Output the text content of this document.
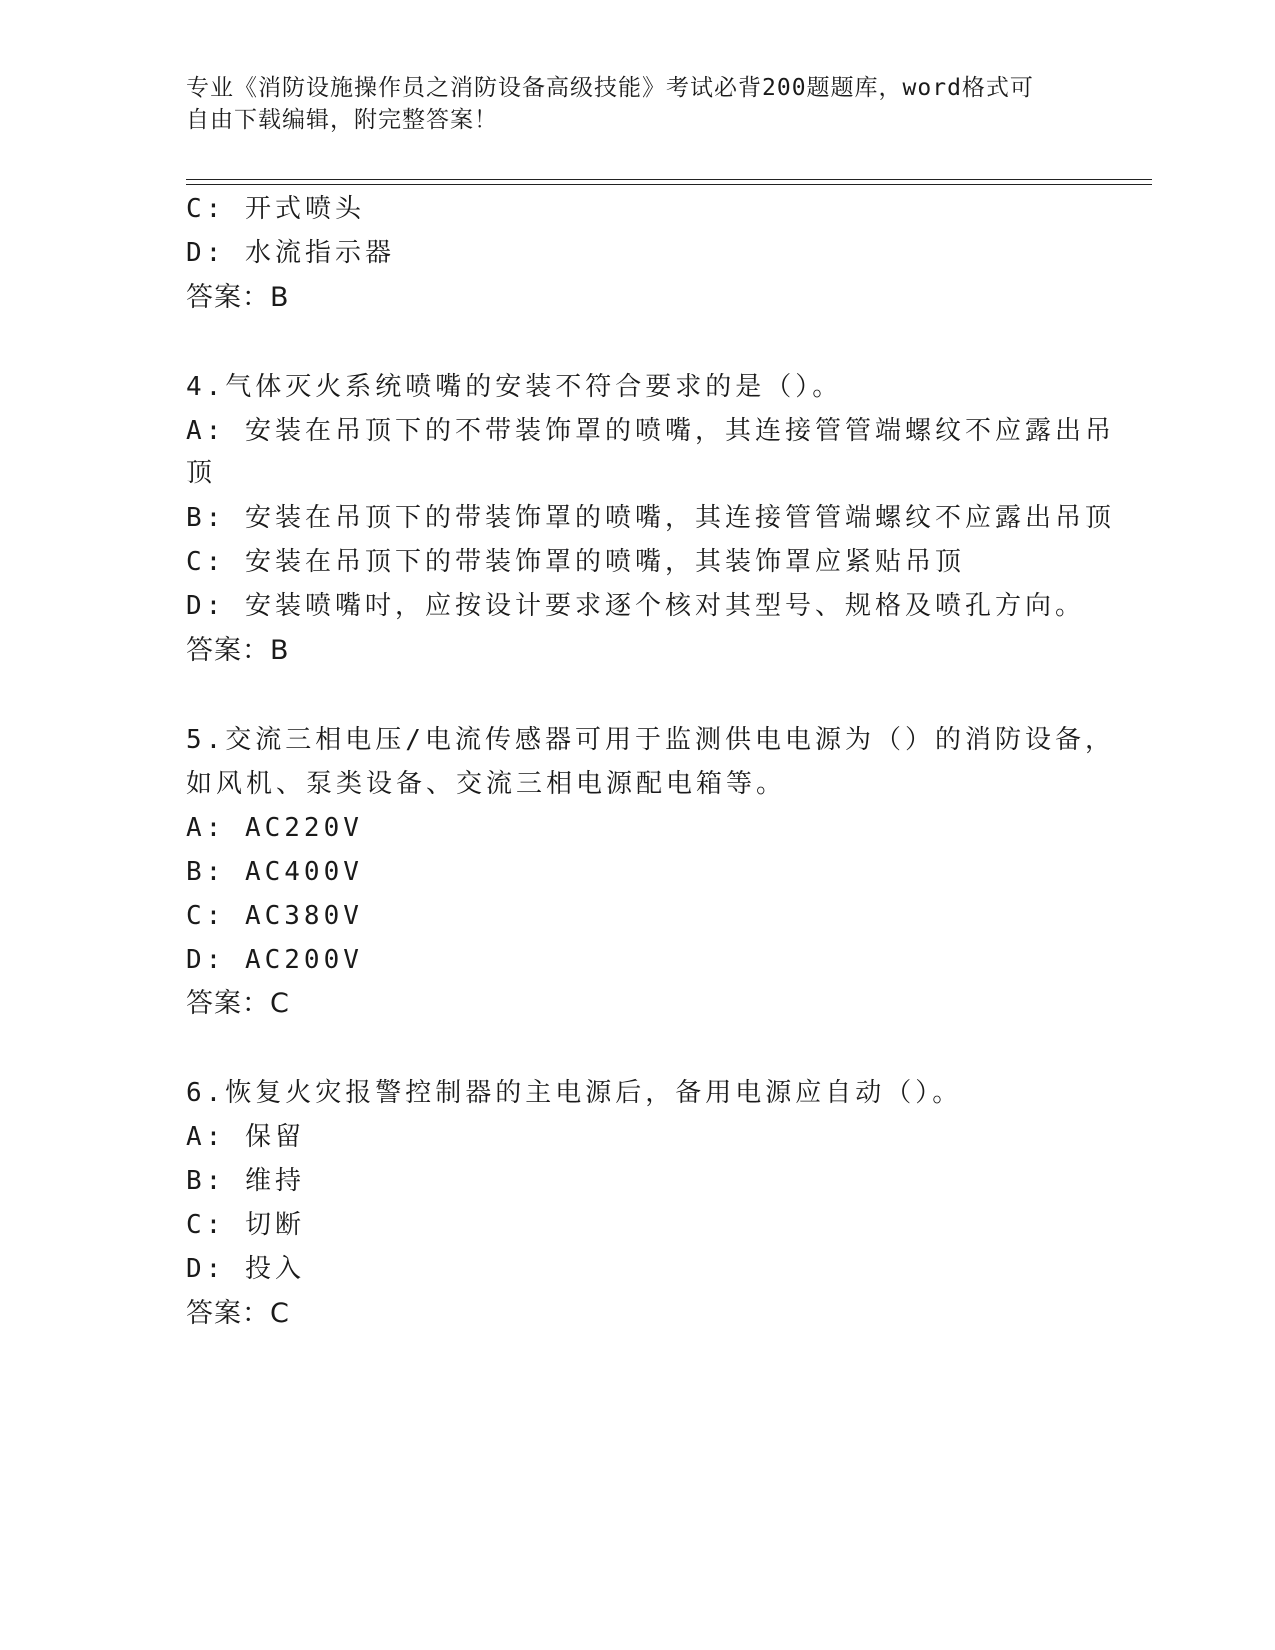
专业《消防设施操作员之消防设备高级技能》考试必背200题题库，word格式可
自由下载编辑，附完整答案！
C: 开式喷头
D: 水流指示器
答案：B
4.气体灭火系统喷嘴的安装不符合要求的是（）。
A: 安装在吊顶下的不带装饰罩的喷嘴，其连接管管端螺纹不应露出吊
顶
B: 安装在吊顶下的带装饰罩的喷嘴，其连接管管端螺纹不应露出吊顶
C: 安装在吊顶下的带装饰罩的喷嘴，其装饰罩应紧贴吊顶
D: 安装喷嘴吋，应按设计要求逐个核对其型号、规格及喷孔方向。
答案：B
5.交流三相电压/电流传感器可用于监测供电电源为（）的消防设备，
如风机、泵类设备、交流三相电源配电箱等。
A: AC220V
B: AC400V
C: AC380V
D: AC200V
答案：C
6.恢复火灾报警控制器的主电源后，备用电源应自动（）。
A: 保留
B: 维持
C: 切断
D: 投入
答案：C
